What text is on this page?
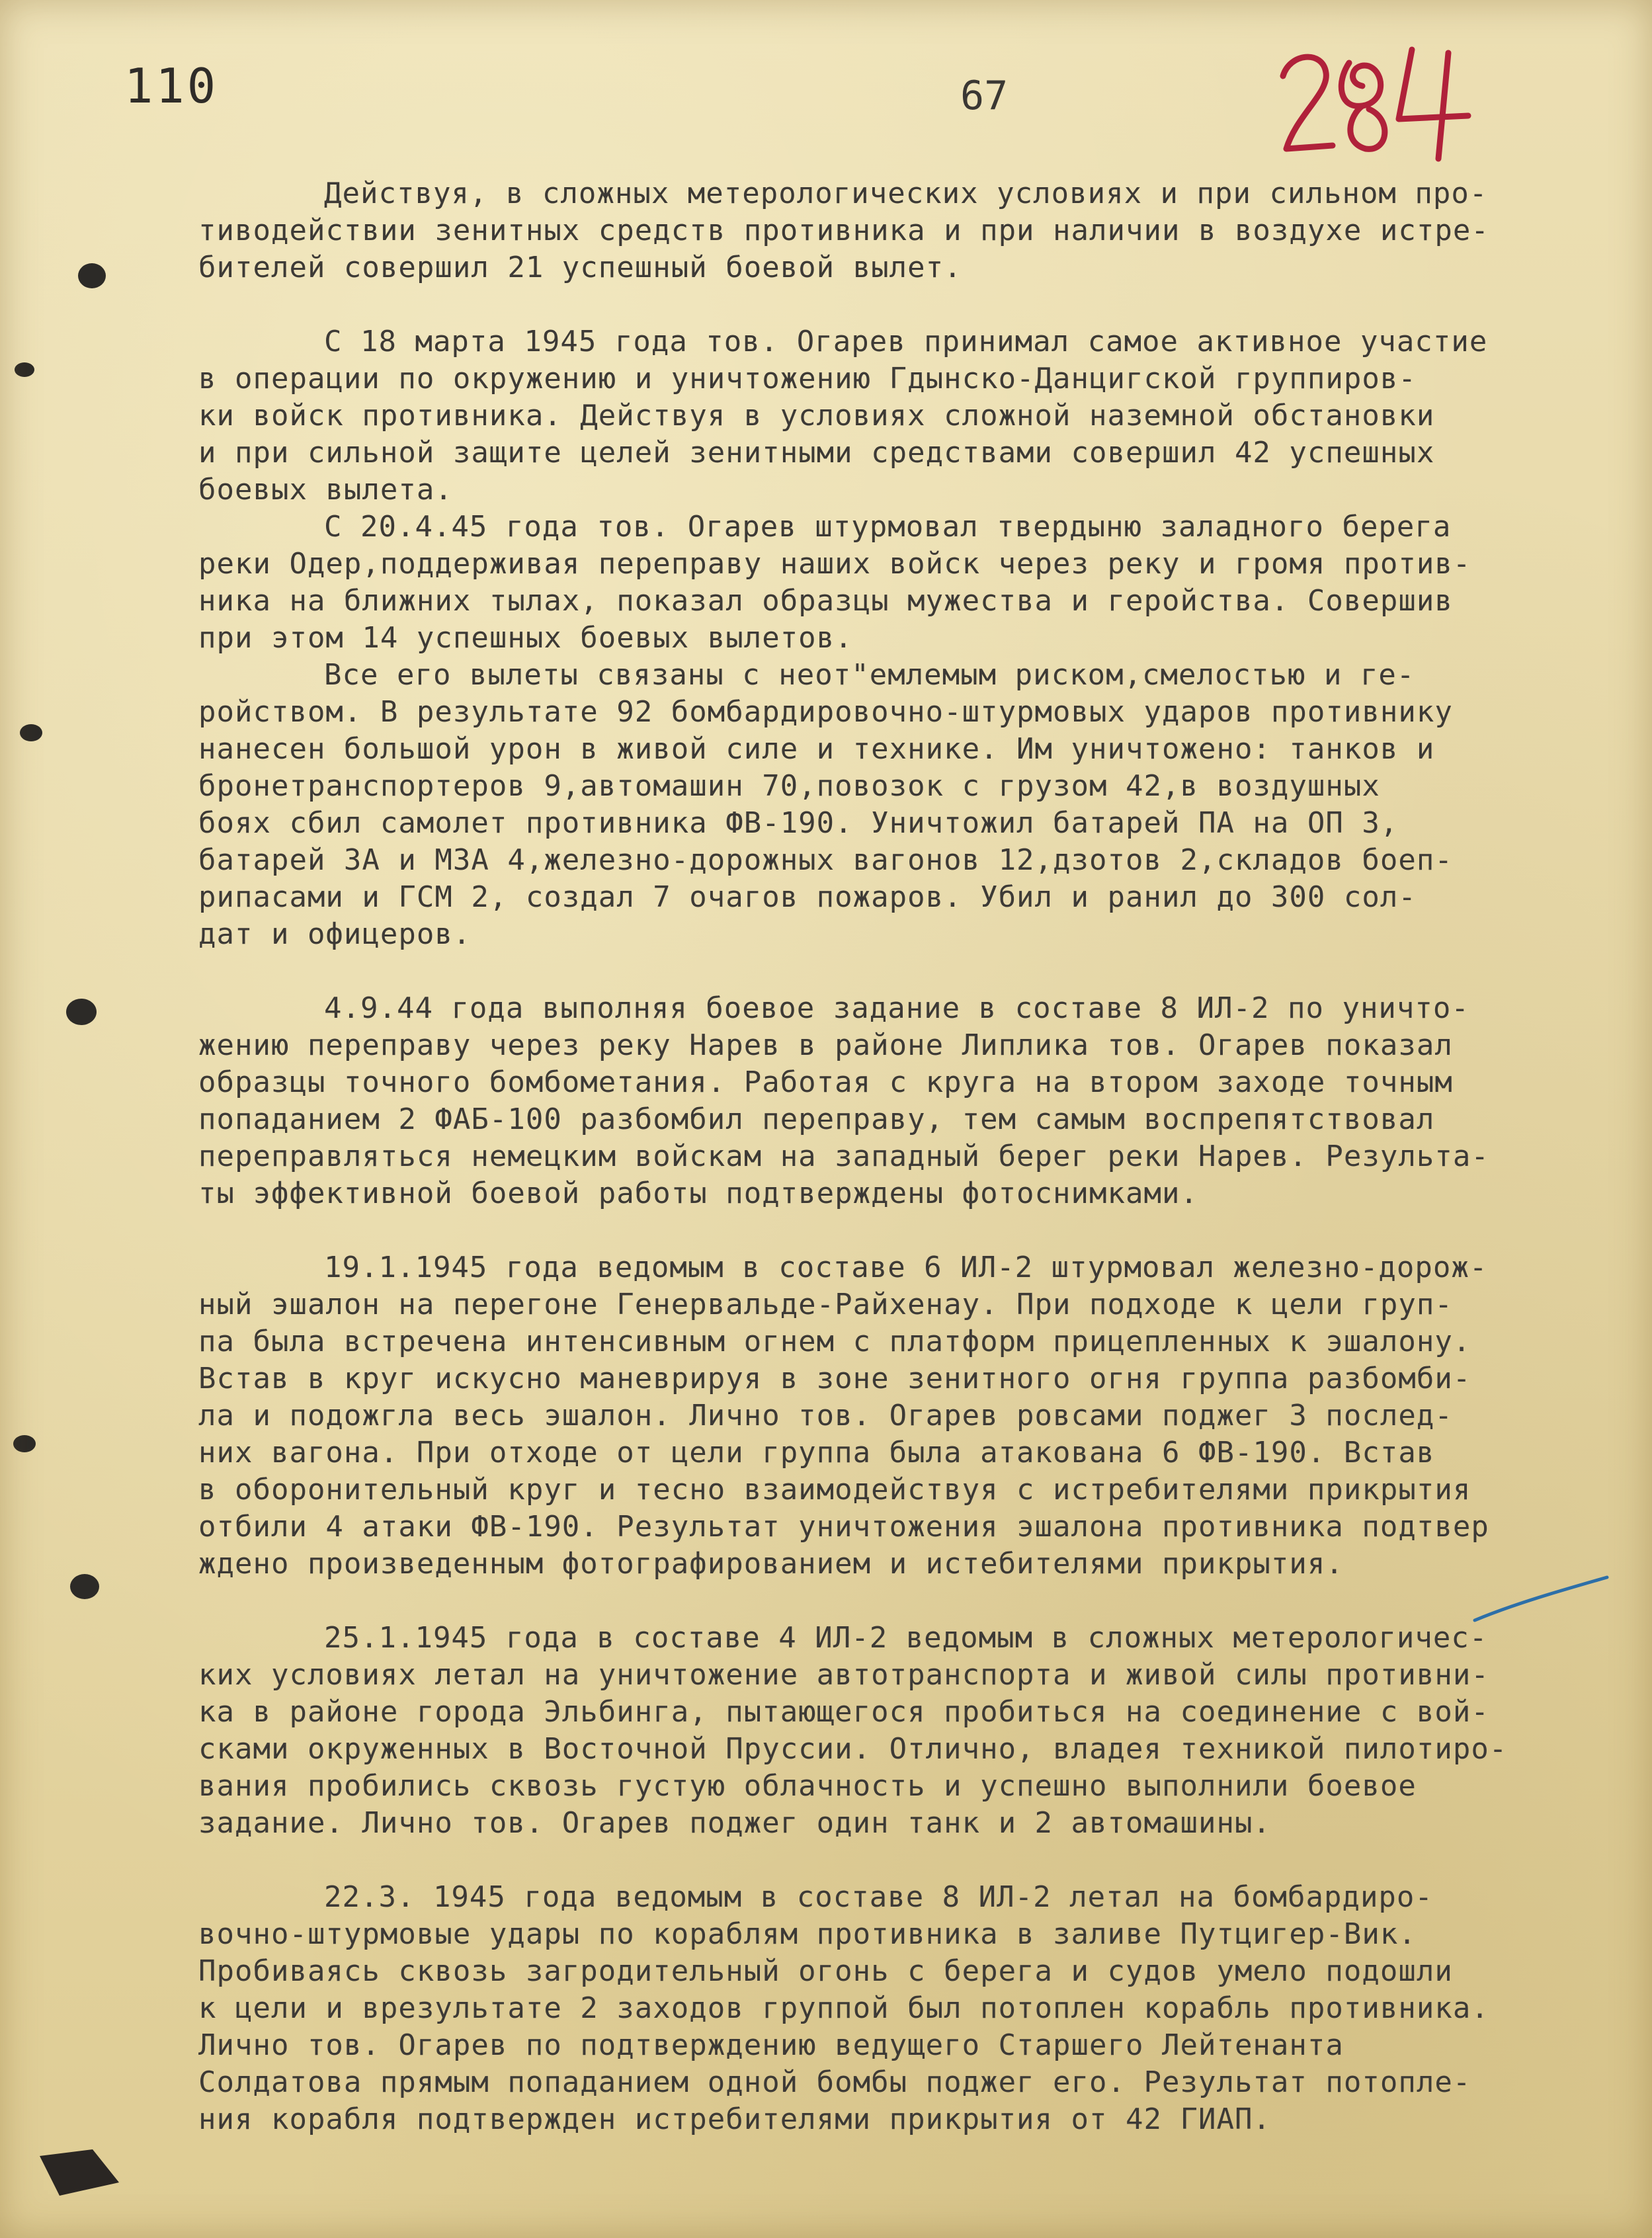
110	67
Действуя, в сложных метерологических условиях и при сильном про-
тиводействии зенитных средств противника и при наличии в воздухе истре-
бителей совершил 21 успешный боевой вылет.
С 18 марта 1945 года тов. Огарев принимал самое активное участие
в операции по окружению и уничтожению Гдынско-Данцигской группиров-
ки войск противника. Действуя в условиях сложной наземной обстановки
и при сильной защите целей зенитными средствами совершил 42 успешных
боевых вылета.
С 20.4.45 года тов. Огарев штурмовал твердыню заладного берега
реки Одер,поддерживая переправу наших войск через реку и громя против-
ника на ближних тылах, показал образцы мужества и геройства. Совершив
при этом 14 успешных боевых вылетов.
Все его вылеты связаны с неот"емлемым риском,смелостью и ге-
ройством. В результате 92 бомбардировочно-штурмовых ударов противнику
нанесен большой урон в живой силе и технике. Им уничтожено: танков и
бронетранспортеров 9,автомашин 70,повозок с грузом 42,в воздушных
боях сбил самолет противника ФВ-190. Уничтожил батарей ПА на ОП 3,
батарей ЗА и МЗА 4,железно-дорожных вагонов 12,дзотов 2,складов боеп-
рипасами и ГСМ 2, создал 7 очагов пожаров. Убил и ранил до 300 сол-
дат и офицеров.
4.9.44 года выполняя боевое задание в составе 8 ИЛ-2 по уничто-
жению переправу через реку Нарев в районе Липлика тов. Огарев показал
образцы точного бомбометания. Работая с круга на втором заходе точным
попаданием 2 ФАБ-100 разбомбил переправу, тем самым воспрепятствовал
переправляться немецким войскам на западный берег реки Нарев. Результа-
ты эффективной боевой работы подтверждены фотоснимками.
19.1.1945 года ведомым в составе 6 ИЛ-2 штурмовал железно-дорож-
ный эшалон на перегоне Генервальде-Райхенау. При подходе к цели груп-
па была встречена интенсивным огнем с платформ прицепленных к эшалону.
Встав в круг искусно маневрируя в зоне зенитного огня группа разбомби-
ла и подожгла весь эшалон. Лично тов. Огарев ровсами поджег 3 послед-
них вагона. При отходе от цели группа была атакована 6 ФВ-190. Встав
в оборонительный круг и тесно взаимодействуя с истребителями прикрытия
отбили 4 атаки ФВ-190. Результат уничтожения эшалона противника подтвер
ждено произведенным фотографированием и истебителями прикрытия.
25.1.1945 года в составе 4 ИЛ-2 ведомым в сложных метерологичес-
ких условиях летал на уничтожение автотранспорта и живой силы противни-
ка в районе города Эльбинга, пытающегося пробиться на соединение с вой-
сками окруженных в Восточной Пруссии. Отлично, владея техникой пилотиро-
вания пробились сквозь густую облачность и успешно выполнили боевое
задание. Лично тов. Огарев поджег один танк и 2 автомашины.
22.3. 1945 года ведомым в составе 8 ИЛ-2 летал на бомбардиро-
вочно-штурмовые удары по кораблям противника в заливе Путцигер-Вик.
Пробиваясь сквозь загродительный огонь с берега и судов умело подошли
к цели и врезультате 2 заходов группой был потоплен корабль противника.
Лично тов. Огарев по подтверждению ведущего Старшего Лейтенанта
Солдатова прямым попаданием одной бомбы поджег его. Результат потопле-
ния корабля подтвержден истребителями прикрытия от 42 ГИАП.
